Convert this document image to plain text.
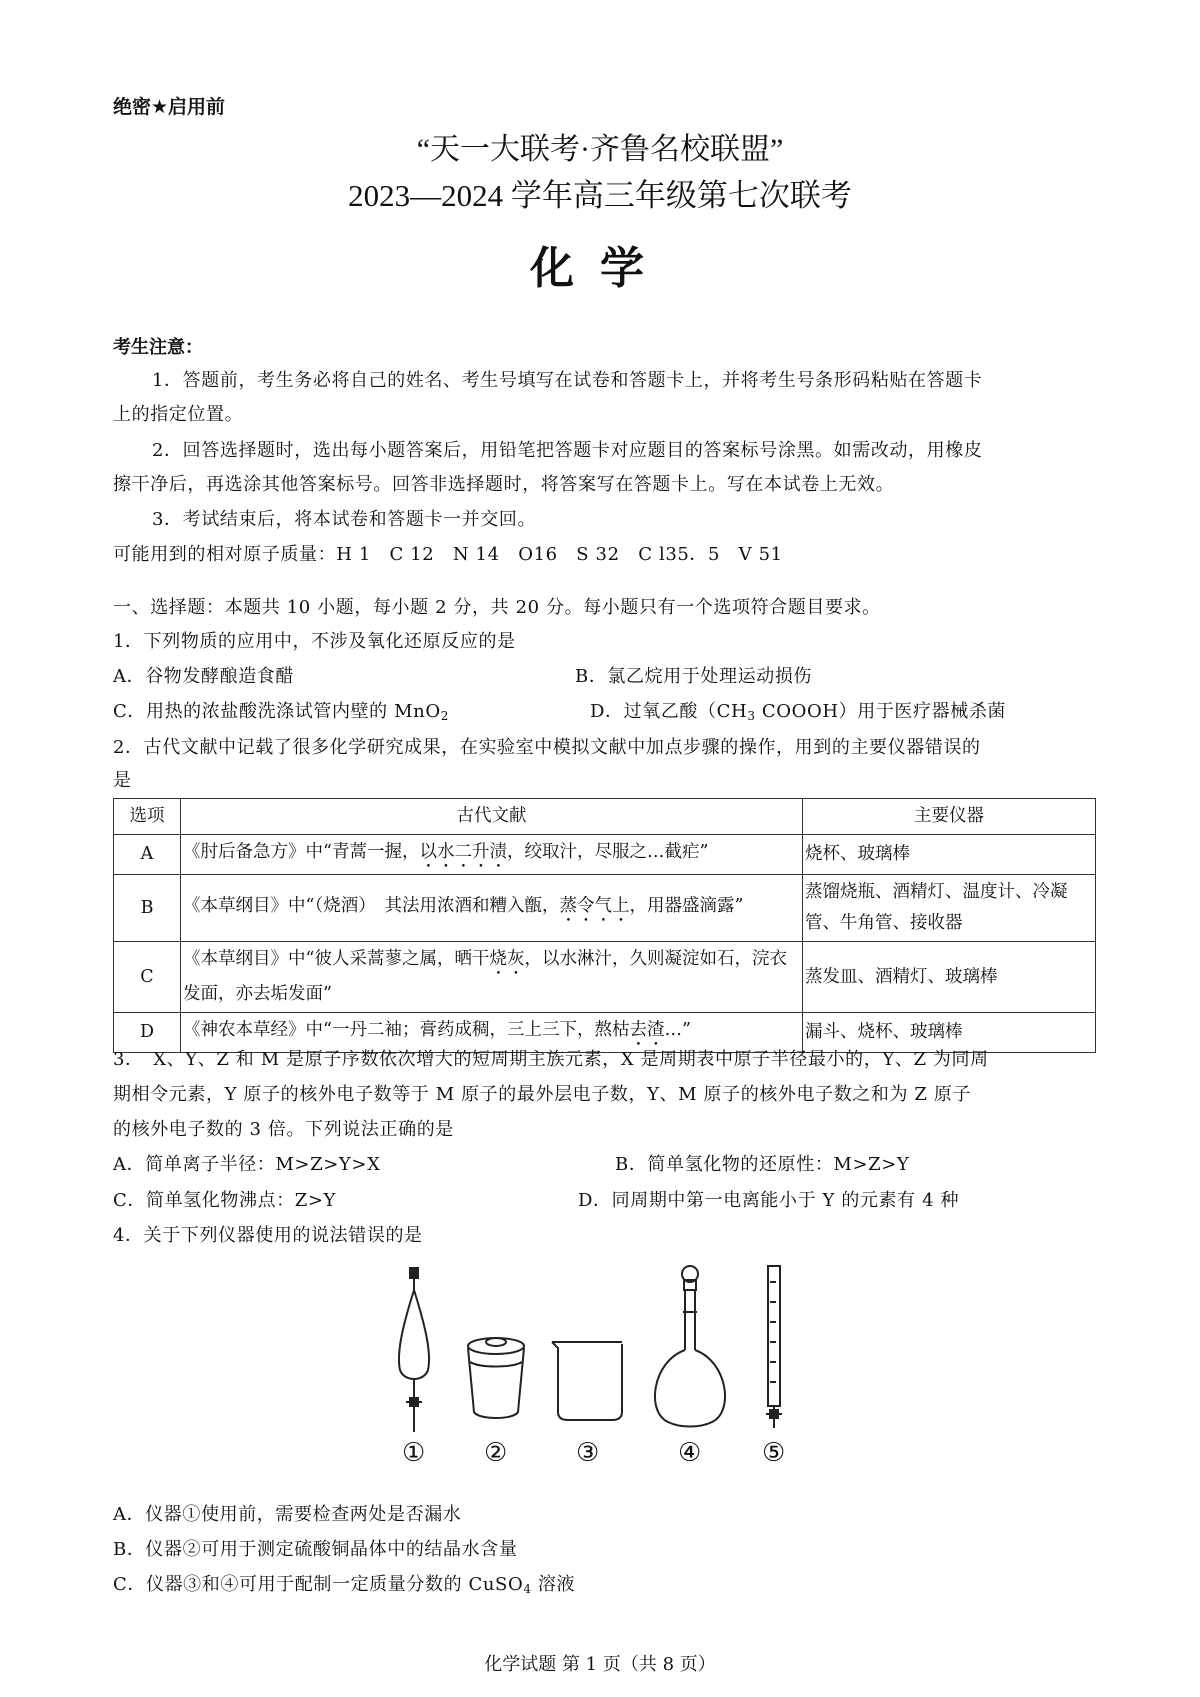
绝密★启用前
“天一大联考·齐鲁名校联盟”
2023—2024 学年高三年级第七次联考
化学
考生注意：
1．答题前，考生务必将自己的姓名、考生号填写在试卷和答题卡上，并将考生号条形码粘贴在答题卡
上的指定位置。
2．回答选择题时，选出每小题答案后，用铅笔把答题卡对应题目的答案标号涂黑。如需改动，用橡皮
擦干净后，再选涂其他答案标号。回答非选择题时，将答案写在答题卡上。写在本试卷上无效。
3．考试结束后，将本试卷和答题卡一并交回。
可能用到的相对原子质量：H 1　C 12　N 14　O16　S 32　C l35．5　V 51
一、选择题：本题共 10 小题，每小题 2 分，共 20 分。每小题只有一个选项符合题目要求。
1．下列物质的应用中，不涉及氧化还原反应的是
A．谷物发酵酿造食醋	B．氯乙烷用于处理运动损伤
C．用热的浓盐酸洗涤试管内壁的 MnO$_2$	D．过氧乙酸（$CH_3$ COOOH）用于医疗器械杀菌
2．古代文献中记载了很多化学研究成果，在实验室中模拟文献中加点步骤的操作，用到的主要仪器错误的
是
选项	古代文献	主要仪器
A	《肘后备急方》中“青蒿一握，以水二升渍，绞取汁，尽服之…截疟”	烧杯、玻璃棒
B	《本草纲目》中“（烧酒）　其法用浓酒和糟入甑，蒸令气上，用器盛滴露”	蒸馏烧瓶、酒精灯、温度计、冷凝管、牛角管、接收器
C	《本草纲目》中“彼人采蒿蓼之属，晒干烧灰，以水淋汁，久则凝淀如石，浣衣发面，亦去垢发面”	蒸发皿、酒精灯、玻璃棒
D	《神农本草经》中“一丹二袖；膏药成稠，三上三下，熬枯去渣…”	漏斗、烧杯、玻璃棒
3．　X、Y、Z 和 M 是原子序数依次增大的短周期主族元素，X 是周期表中原子半径最小的，Y、Z 为同周
期相令元素，Y 原子的核外电子数等于 M 原子的最外层电子数，Y、M 原子的核外电子数之和为 Z 原子
的核外电子数的 3 倍。下列说法正确的是
A．简单离子半径：M>Z>Y>X	B．简单氢化物的还原性：M>Z>Y
C．简单氢化物沸点：Z>Y	D．同周期中第一电离能小于 Y 的元素有 4 种
4．关于下列仪器使用的说法错误的是
① ②	③	④ ⑤
A．仪器①使用前，需要检查两处是否漏水
B．仪器②可用于测定硫酸铜晶体中的结晶水含量
C．仪器③和④可用于配制一定质量分数的 CuSO$_4$ 溶液
化学试题 第 1 页（共 8 页）
